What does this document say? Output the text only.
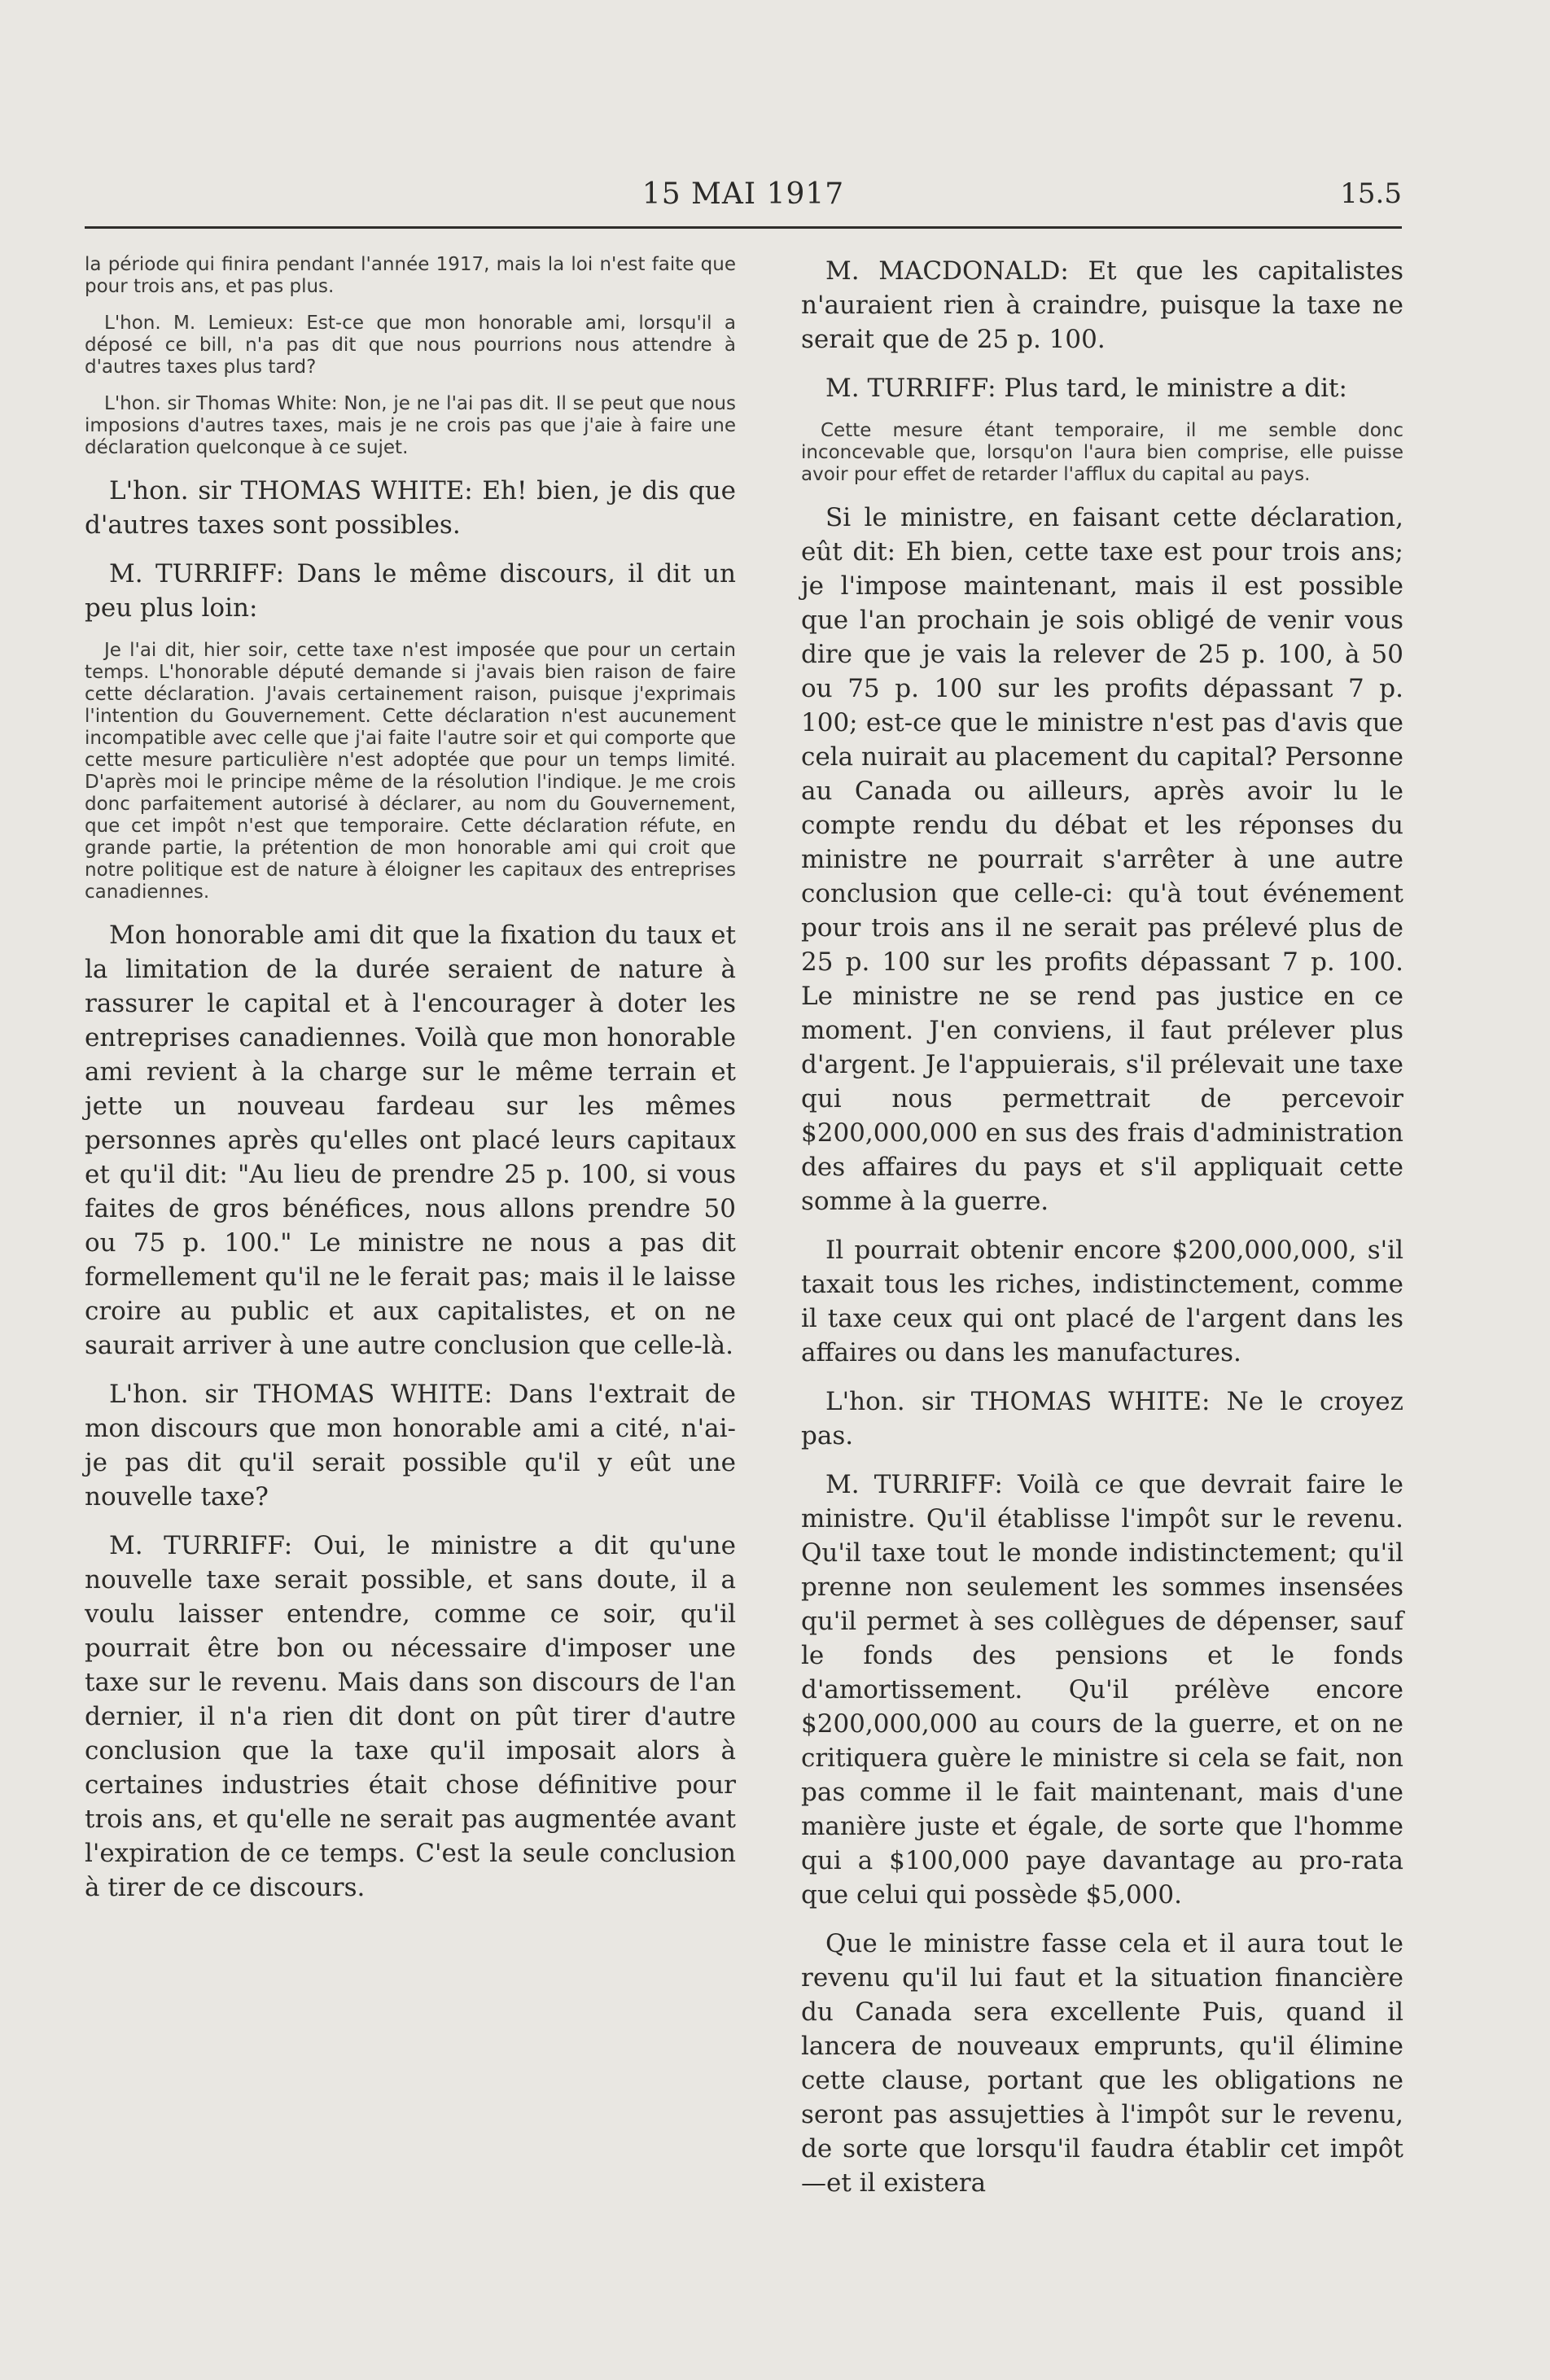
15 MAI 1917	15.5

la période qui finira pendant l'année 1917, mais la loi n'est faite que pour trois ans, et pas plus.

L'hon. M. Lemieux: Est-ce que mon honorable ami, lorsqu'il a déposé ce bill, n'a pas dit que nous pourrions nous attendre à d'autres taxes plus tard?

L'hon. sir Thomas White: Non, je ne l'ai pas dit. Il se peut que nous imposions d'autres taxes, mais je ne crois pas que j'aie à faire une déclaration quelconque à ce sujet.

L'hon. sir THOMAS WHITE: Eh! bien, je dis que d'autres taxes sont possibles.

M. TURRIFF: Dans le même discours, il dit un peu plus loin:

Je l'ai dit, hier soir, cette taxe n'est imposée que pour un certain temps. L'honorable député demande si j'avais bien raison de faire cette déclaration. J'avais certainement raison, puisque j'exprimais l'intention du Gouvernement. Cette déclaration n'est aucunement incompatible avec celle que j'ai faite l'autre soir et qui comporte que cette mesure particulière n'est adoptée que pour un temps limité. D'après moi le principe même de la résolution l'indique. Je me crois donc parfaitement autorisé à déclarer, au nom du Gouvernement, que cet impôt n'est que temporaire. Cette déclaration réfute, en grande partie, la prétention de mon honorable ami qui croit que notre politique est de nature à éloigner les capitaux des entreprises canadiennes.

Mon honorable ami dit que la fixation du taux et la limitation de la durée seraient de nature à rassurer le capital et à l'encourager à doter les entreprises canadiennes. Voilà que mon honorable ami revient à la charge sur le même terrain et jette un nouveau fardeau sur les mêmes personnes après qu'elles ont placé leurs capitaux et qu'il dit: "Au lieu de prendre 25 p. 100, si vous faites de gros bénéfices, nous allons prendre 50 ou 75 p. 100." Le ministre ne nous a pas dit formellement qu'il ne le ferait pas; mais il le laisse croire au public et aux capitalistes, et on ne saurait arriver à une autre conclusion que celle-là.

L'hon. sir THOMAS WHITE: Dans l'extrait de mon discours que mon honorable ami a cité, n'ai-je pas dit qu'il serait possible qu'il y eût une nouvelle taxe?

M. TURRIFF: Oui, le ministre a dit qu'une nouvelle taxe serait possible, et sans doute, il a voulu laisser entendre, comme ce soir, qu'il pourrait être bon ou nécessaire d'imposer une taxe sur le revenu. Mais dans son discours de l'an dernier, il n'a rien dit dont on pût tirer d'autre conclusion que la taxe qu'il imposait alors à certaines industries était chose définitive pour trois ans, et qu'elle ne serait pas augmentée avant l'expiration de ce temps. C'est la seule conclusion à tirer de ce discours.

M. MACDONALD: Et que les capitalistes n'auraient rien à craindre, puisque la taxe ne serait que de 25 p. 100.

M. TURRIFF: Plus tard, le ministre a dit:

Cette mesure étant temporaire, il me semble donc inconcevable que, lorsqu'on l'aura bien comprise, elle puisse avoir pour effet de retarder l'afflux du capital au pays.

Si le ministre, en faisant cette déclaration, eût dit: Eh bien, cette taxe est pour trois ans; je l'impose maintenant, mais il est possible que l'an prochain je sois obligé de venir vous dire que je vais la relever de 25 p. 100, à 50 ou 75 p. 100 sur les profits dépassant 7 p. 100; est-ce que le ministre n'est pas d'avis que cela nuirait au placement du capital? Personne au Canada ou ailleurs, après avoir lu le compte rendu du débat et les réponses du ministre ne pourrait s'arrêter à une autre conclusion que celle-ci: qu'à tout événement pour trois ans il ne serait pas prélevé plus de 25 p. 100 sur les profits dépassant 7 p. 100. Le ministre ne se rend pas justice en ce moment. J'en conviens, il faut prélever plus d'argent. Je l'appuierais, s'il prélevait une taxe qui nous permettrait de percevoir $200,000,000 en sus des frais d'administration des affaires du pays et s'il appliquait cette somme à la guerre.

Il pourrait obtenir encore $200,000,000, s'il taxait tous les riches, indistinctement, comme il taxe ceux qui ont placé de l'argent dans les affaires ou dans les manufactures.

L'hon. sir THOMAS WHITE: Ne le croyez pas.

M. TURRIFF: Voilà ce que devrait faire le ministre. Qu'il établisse l'impôt sur le revenu. Qu'il taxe tout le monde indistinctement; qu'il prenne non seulement les sommes insensées qu'il permet à ses collègues de dépenser, sauf le fonds des pensions et le fonds d'amortissement. Qu'il prélève encore $200,000,000 au cours de la guerre, et on ne critiquera guère le ministre si cela se fait, non pas comme il le fait maintenant, mais d'une manière juste et égale, de sorte que l'homme qui a $100,000 paye davantage au pro-rata que celui qui possède $5,000.

Que le ministre fasse cela et il aura tout le revenu qu'il lui faut et la situation financière du Canada sera excellente Puis, quand il lancera de nouveaux emprunts, qu'il élimine cette clause, portant que les obligations ne seront pas assujetties à l'impôt sur le revenu, de sorte que lorsqu'il faudra établir cet impôt—et il existera
